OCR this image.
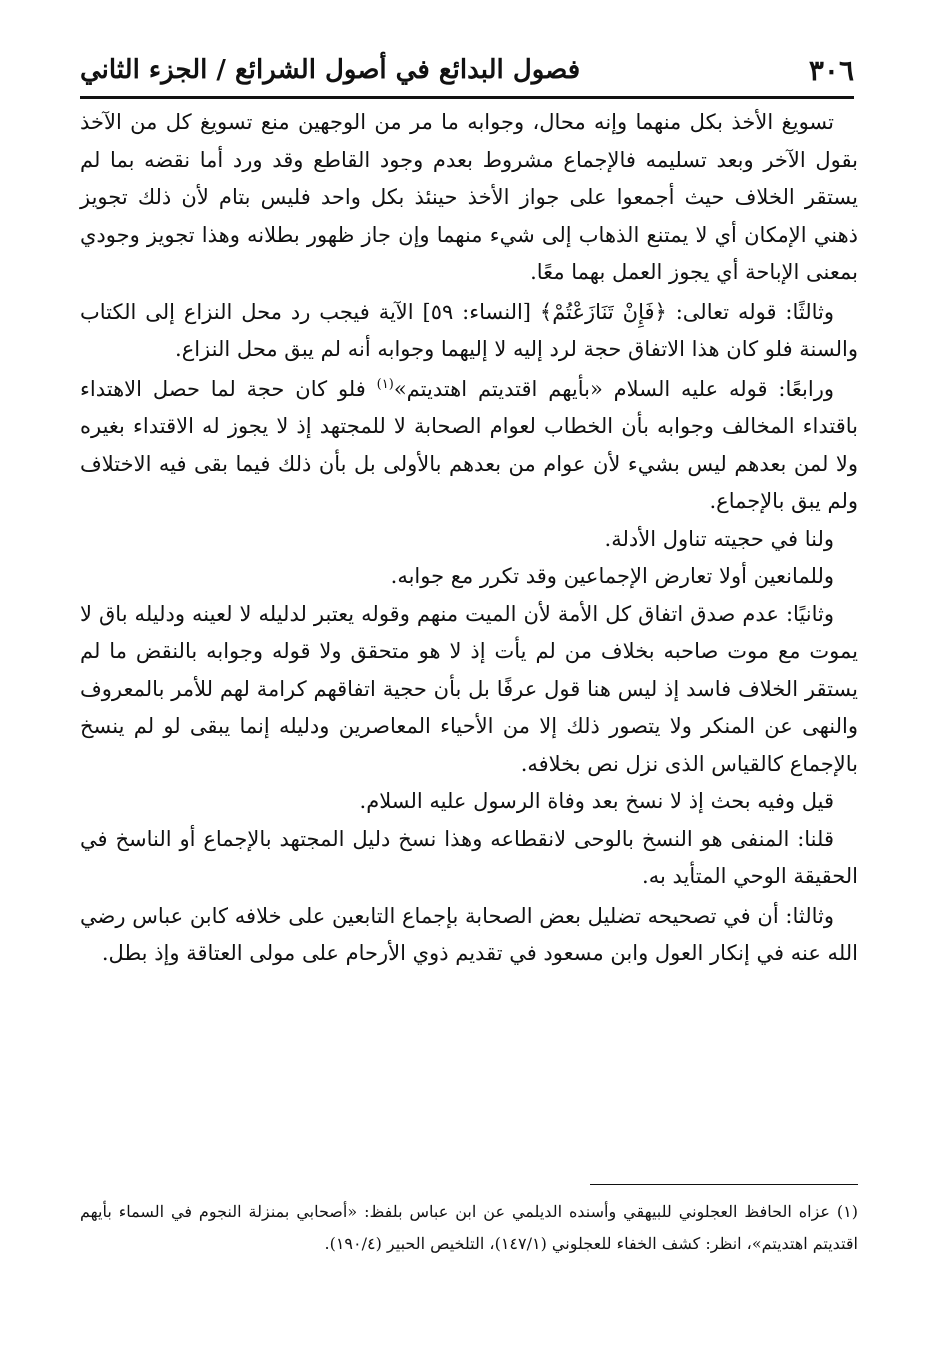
٣٠٦
فصول البدائع في أصول الشرائع / الجزء الثاني

تسويغ الأخذ بكل منهما وإنه محال، وجوابه ما مر من الوجهين منع تسويغ كل من الآخذ بقول الآخر وبعد تسليمه فالإجماع مشروط بعدم وجود القاطع وقد ورد أما نقضه بما لم يستقر الخلاف حيث أجمعوا على جواز الأخذ حينئذ بكل واحد فليس بتام لأن ذلك تجويز ذهني الإمكان أي لا يمتنع الذهاب إلى شيء منهما وإن جاز ظهور بطلانه وهذا تجويز وجودي بمعنى الإباحة أي يجوز العمل بهما معًا.

وثالثًا: قوله تعالى: ﴿فَإِنْ تَنَازَعْتُمْ﴾ [النساء: ٥٩] الآية فيجب رد محل النزاع إلى الكتاب والسنة فلو كان هذا الاتفاق حجة لرد إليه لا إليهما وجوابه أنه لم يبق محل النزاع.

ورابعًا: قوله عليه السلام «بأيهم اقتديتم اهتديتم»$^{(١)}$ فلو كان حجة لما حصل الاهتداء باقتداء المخالف وجوابه بأن الخطاب لعوام الصحابة لا للمجتهد إذ لا يجوز له الاقتداء بغيره ولا لمن بعدهم ليس بشيء لأن عوام من بعدهم بالأولى بل بأن ذلك فيما بقى فيه الاختلاف ولم يبق بالإجماع.

ولنا في حجيته تناول الأدلة.

وللمانعين أولا تعارض الإجماعين وقد تكرر مع جوابه.

وثانيًا: عدم صدق اتفاق كل الأمة لأن الميت منهم وقوله يعتبر لدليله لا لعينه ودليله باق لا يموت مع موت صاحبه بخلاف من لم يأت إذ لا هو متحقق ولا قوله وجوابه بالنقض ما لم يستقر الخلاف فاسد إذ ليس هنا قول عرفًا بل بأن حجية اتفاقهم كرامة لهم للأمر بالمعروف والنهى عن المنكر ولا يتصور ذلك إلا من الأحياء المعاصرين ودليله إنما يبقى لو لم ينسخ بالإجماع كالقياس الذى نزل نص بخلافه.

قيل وفيه بحث إذ لا نسخ بعد وفاة الرسول عليه السلام.

قلنا: المنفى هو النسخ بالوحى لانقطاعه وهذا نسخ دليل المجتهد بالإجماع أو الناسخ في الحقيقة الوحي المتأيد به.

وثالثا: أن في تصحيحه تضليل بعض الصحابة بإجماع التابعين على خلافه كابن عباس رضي الله عنه في إنكار العول وابن مسعود في تقديم ذوي الأرحام على مولى العتاقة وإذ بطل.

(١) عزاه الحافظ العجلوني للبيهقي وأسنده الديلمي عن ابن عباس بلفظ: «أصحابي بمنزلة النجوم في السماء بأيهم اقتديتم اهتديتم»، انظر: كشف الخفاء للعجلوني (١٤٧/١)، التلخيص الحبير (١٩٠/٤).
